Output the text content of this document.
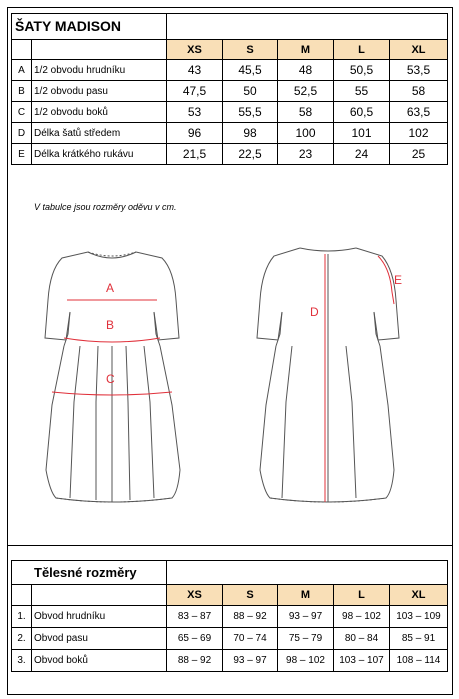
ŠATY MADISON						
		XS	S	M	L	XL
A	1/2 obvodu hrudníku	43	45,5	48	50,5	53,5
B	1/2 obvodu pasu	47,5	50	52,5	55	58
C	1/2 obvodu boků	53	55,5	58	60,5	63,5
D	Délka šatů středem	96	98	100	101	102
E	Délka krátkého rukávu	21,5	22,5	23	24	25
V tabulce jsou rozměry oděvu v cm.
A
B
C
D
E
Tělesné rozměry						
		XS	S	M	L	XL
1.	Obvod hrudníku	83 – 87	88 – 92	93 – 97	98 – 102	103 – 109
2.	Obvod pasu	65 – 69	70 – 74	75 – 79	80 – 84	85 – 91
3.	Obvod boků	88 – 92	93 – 97	98 – 102	103 – 107	108 – 114
